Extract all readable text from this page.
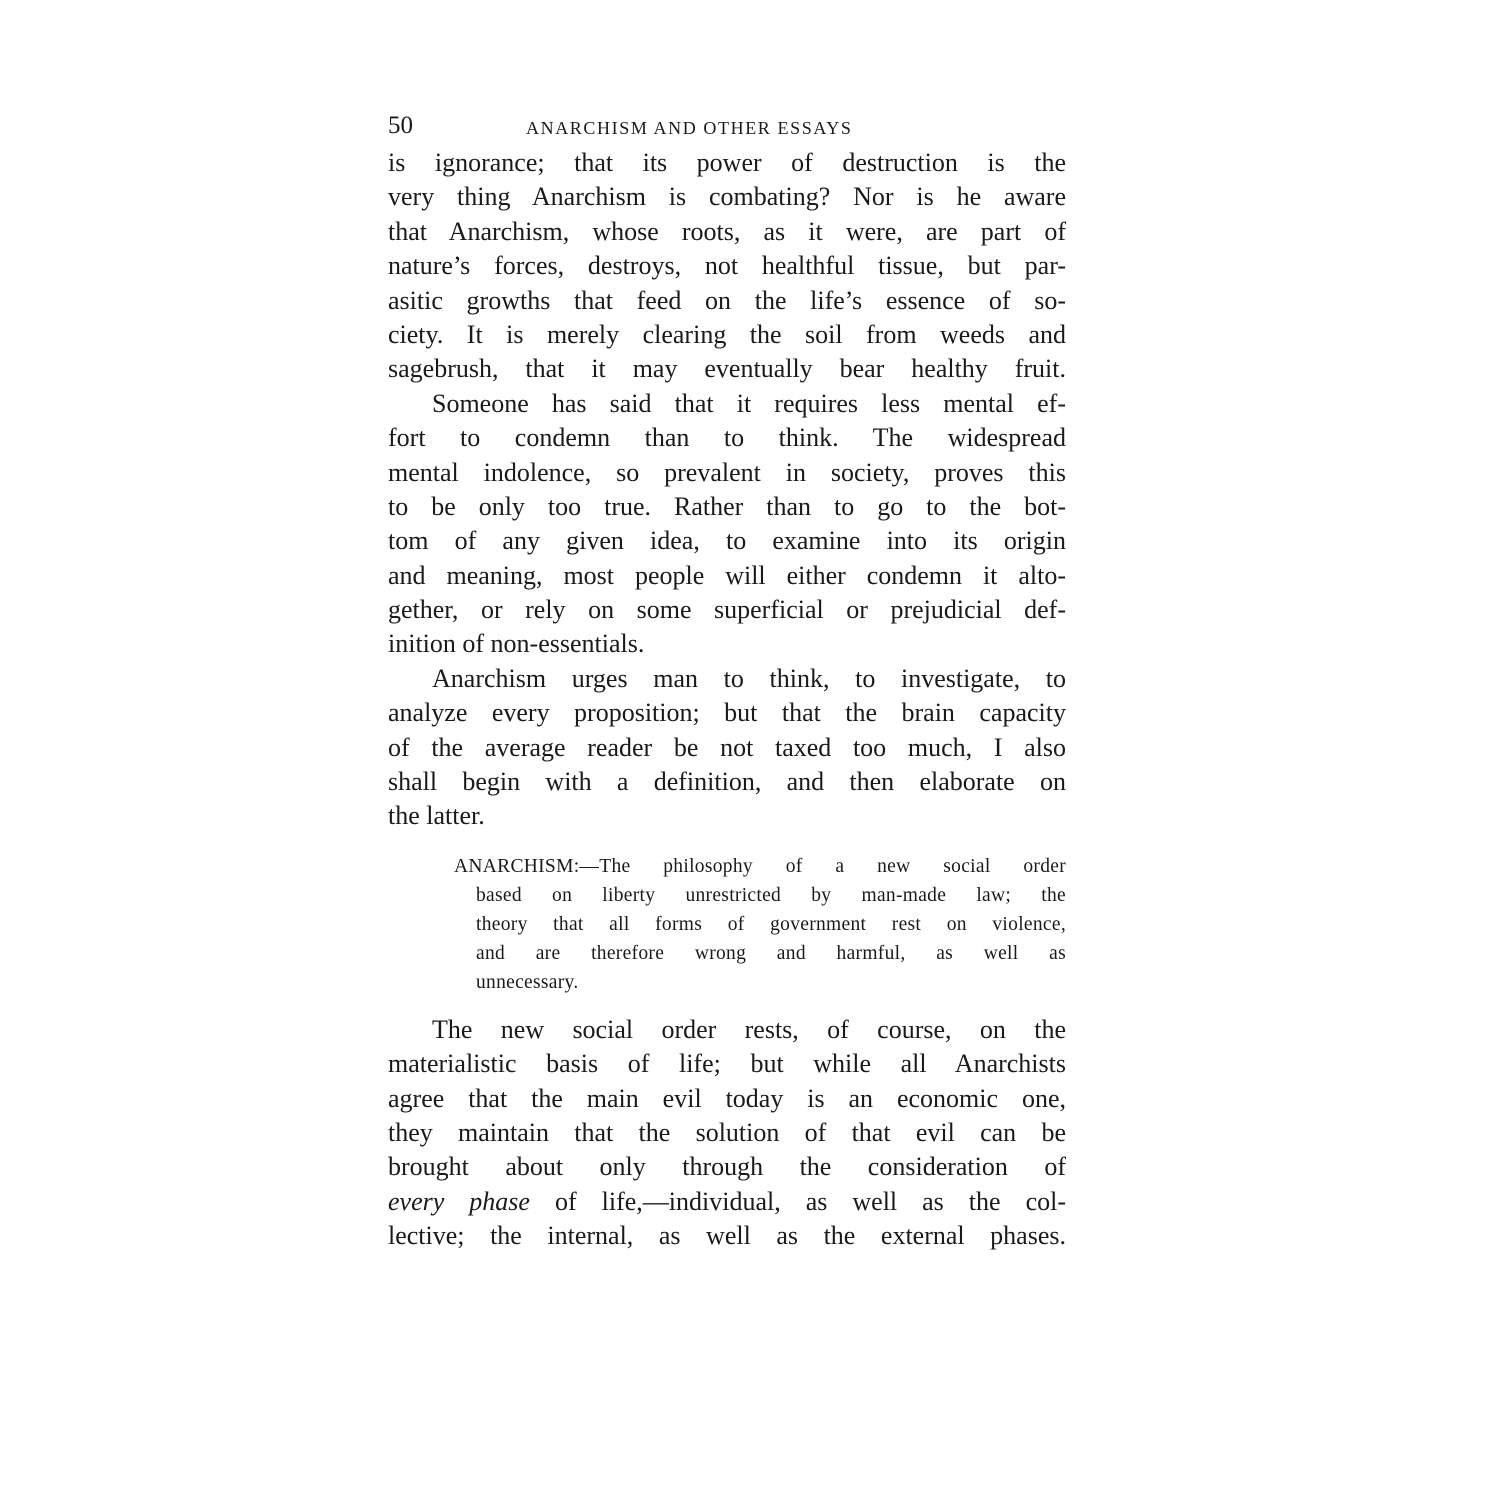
50	ANARCHISM AND OTHER ESSAYS
is ignorance; that its power of destruction is the
very thing Anarchism is combating? Nor is he aware
that Anarchism, whose roots, as it were, are part of
nature’s forces, destroys, not healthful tissue, but par-
asitic growths that feed on the life’s essence of so-
ciety. It is merely clearing the soil from weeds and
sagebrush, that it may eventually bear healthy fruit.
Someone has said that it requires less mental ef-
fort to condemn than to think. The widespread
mental indolence, so prevalent in society, proves this
to be only too true. Rather than to go to the bot-
tom of any given idea, to examine into its origin
and meaning, most people will either condemn it alto-
gether, or rely on some superficial or prejudicial def-
inition of non-essentials.
Anarchism urges man to think, to investigate, to
analyze every proposition; but that the brain capacity
of the average reader be not taxed too much, I also
shall begin with a definition, and then elaborate on
the latter.
ANARCHISM:—The philosophy of a new social order
based on liberty unrestricted by man-made law; the
theory that all forms of government rest on violence,
and are therefore wrong and harmful, as well as
unnecessary.
The new social order rests, of course, on the
materialistic basis of life; but while all Anarchists
agree that the main evil today is an economic one,
they maintain that the solution of that evil can be
brought about only through the consideration of
every phase of life,—individual, as well as the col-
lective; the internal, as well as the external phases.
